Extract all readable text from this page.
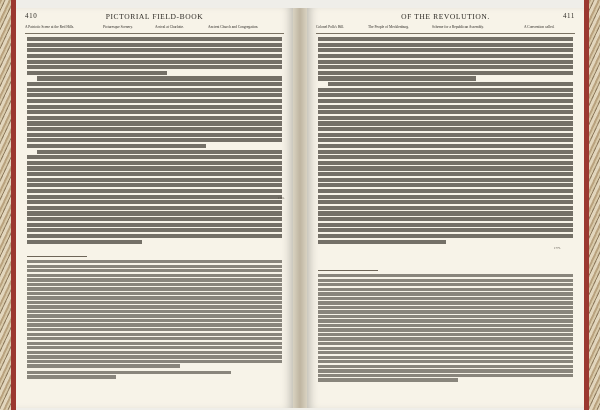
410	PICTORIAL FIELD-BOOK
A Patriotic Scene at the Red Hills.	Picturesque Scenery.	Arrival at Charlotte.	Ancient Church and Congregation.
1781.
OF THE REVOLUTION.	411
Colonel Polk's Hill.	The People of Mecklenburg.	Scheme for a Republican Assembly.	A Convention called.
1775.
